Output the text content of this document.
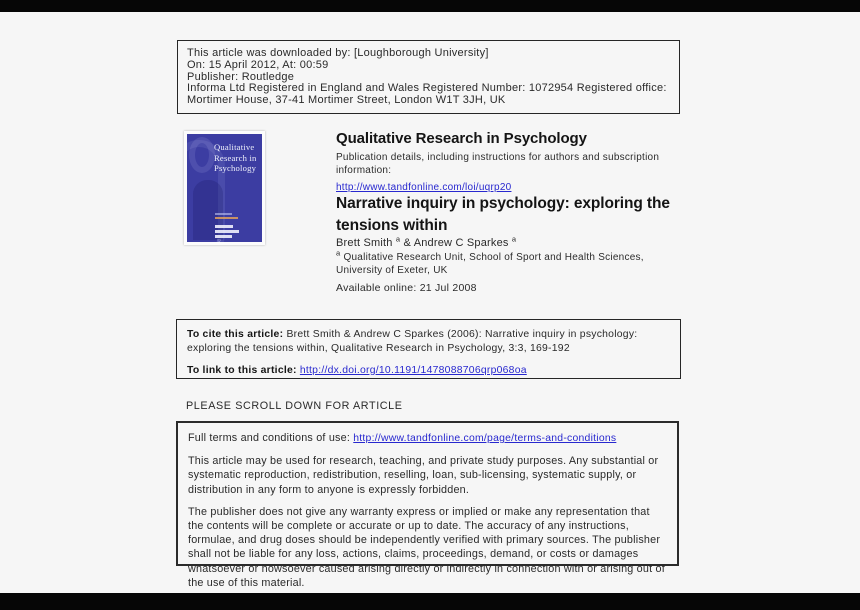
This article was downloaded by: [Loughborough University]
On: 15 April 2012, At: 00:59
Publisher: Routledge
Informa Ltd Registered in England and Wales Registered Number: 1072954 Registered office:
Mortimer House, 37-41 Mortimer Street, London W1T 3JH, UK
Qualitative
Research in
Psychology
R
Qualitative Research in Psychology
Publication details, including instructions for authors and subscription information:
http://www.tandfonline.com/loi/uqrp20
Narrative inquiry in psychology: exploring the tensions within
Brett Smith $^a$ & Andrew C Sparkes $^a$
$^a$ Qualitative Research Unit, School of Sport and Health Sciences, University of Exeter, UK
Available online: 21 Jul 2008
To cite this article: Brett Smith & Andrew C Sparkes (2006): Narrative inquiry in psychology: exploring the tensions within, Qualitative Research in Psychology, 3:3, 169-192
To link to this article: http://dx.doi.org/10.1191/1478088706qrp068oa
PLEASE SCROLL DOWN FOR ARTICLE
Full terms and conditions of use: http://www.tandfonline.com/page/terms-and-conditions

This article may be used for research, teaching, and private study purposes. Any substantial or systematic reproduction, redistribution, reselling, loan, sub-licensing, systematic supply, or distribution in any form to anyone is expressly forbidden.

The publisher does not give any warranty express or implied or make any representation that the contents will be complete or accurate or up to date. The accuracy of any instructions, formulae, and drug doses should be independently verified with primary sources. The publisher shall not be liable for any loss, actions, claims, proceedings, demand, or costs or damages whatsoever or howsoever caused arising directly or indirectly in connection with or arising out of the use of this material.
